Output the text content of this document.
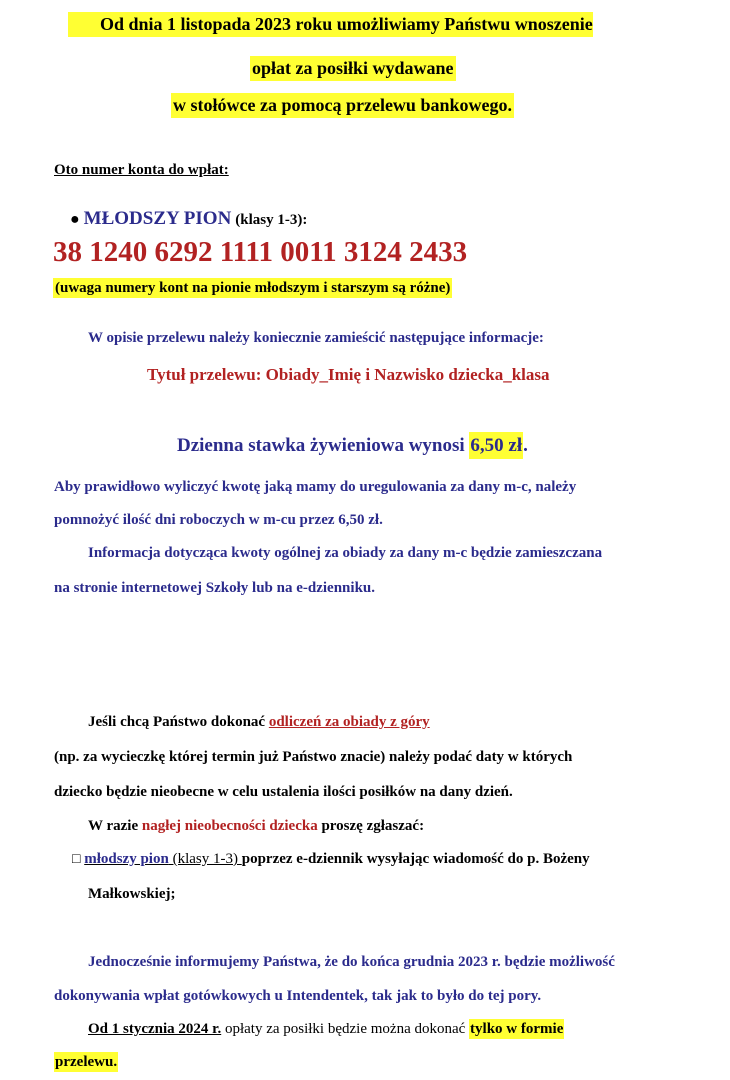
Od dnia 1 listopada 2023 roku umożliwiamy Państwu wnoszenie
opłat za posiłki wydawane
w stołówce za pomocą przelewu bankowego.
Oto numer konta do wpłat:
● MŁODSZY PION (klasy 1-3):
38 1240 6292 1111 0011 3124 2433
(uwaga numery kont na pionie młodszym i starszym są różne)
W opisie przelewu należy koniecznie zamieścić następujące informacje:
Tytuł przelewu: Obiady_Imię i Nazwisko dziecka_klasa
Dzienna stawka żywieniowa wynosi 6,50 zł.
Aby prawidłowo wyliczyć kwotę jaką mamy do uregulowania za dany m-c, należy
pomnożyć ilość dni roboczych w m-cu przez 6,50 zł.
Informacja dotycząca kwoty ogólnej za obiady za dany m-c będzie zamieszczana
na stronie internetowej Szkoły lub na e-dzienniku.
Jeśli chcą Państwo dokonać odliczeń za obiady z góry
(np. za wycieczkę której termin już Państwo znacie) należy podać daty w których
dziecko będzie nieobecne w celu ustalenia ilości posiłków na dany dzień.
W razie nagłej nieobecności dziecka proszę zgłaszać:
□ młodszy pion (klasy 1-3) poprzez e-dziennik wysyłając wiadomość do p. Bożeny
Małkowskiej;
Jednocześnie informujemy Państwa, że do końca grudnia 2023 r. będzie możliwość
dokonywania wpłat gotówkowych u Intendentek, tak jak to było do tej pory.
Od 1 stycznia 2024 r. opłaty za posiłki będzie można dokonać tylko w formie
przelewu.
